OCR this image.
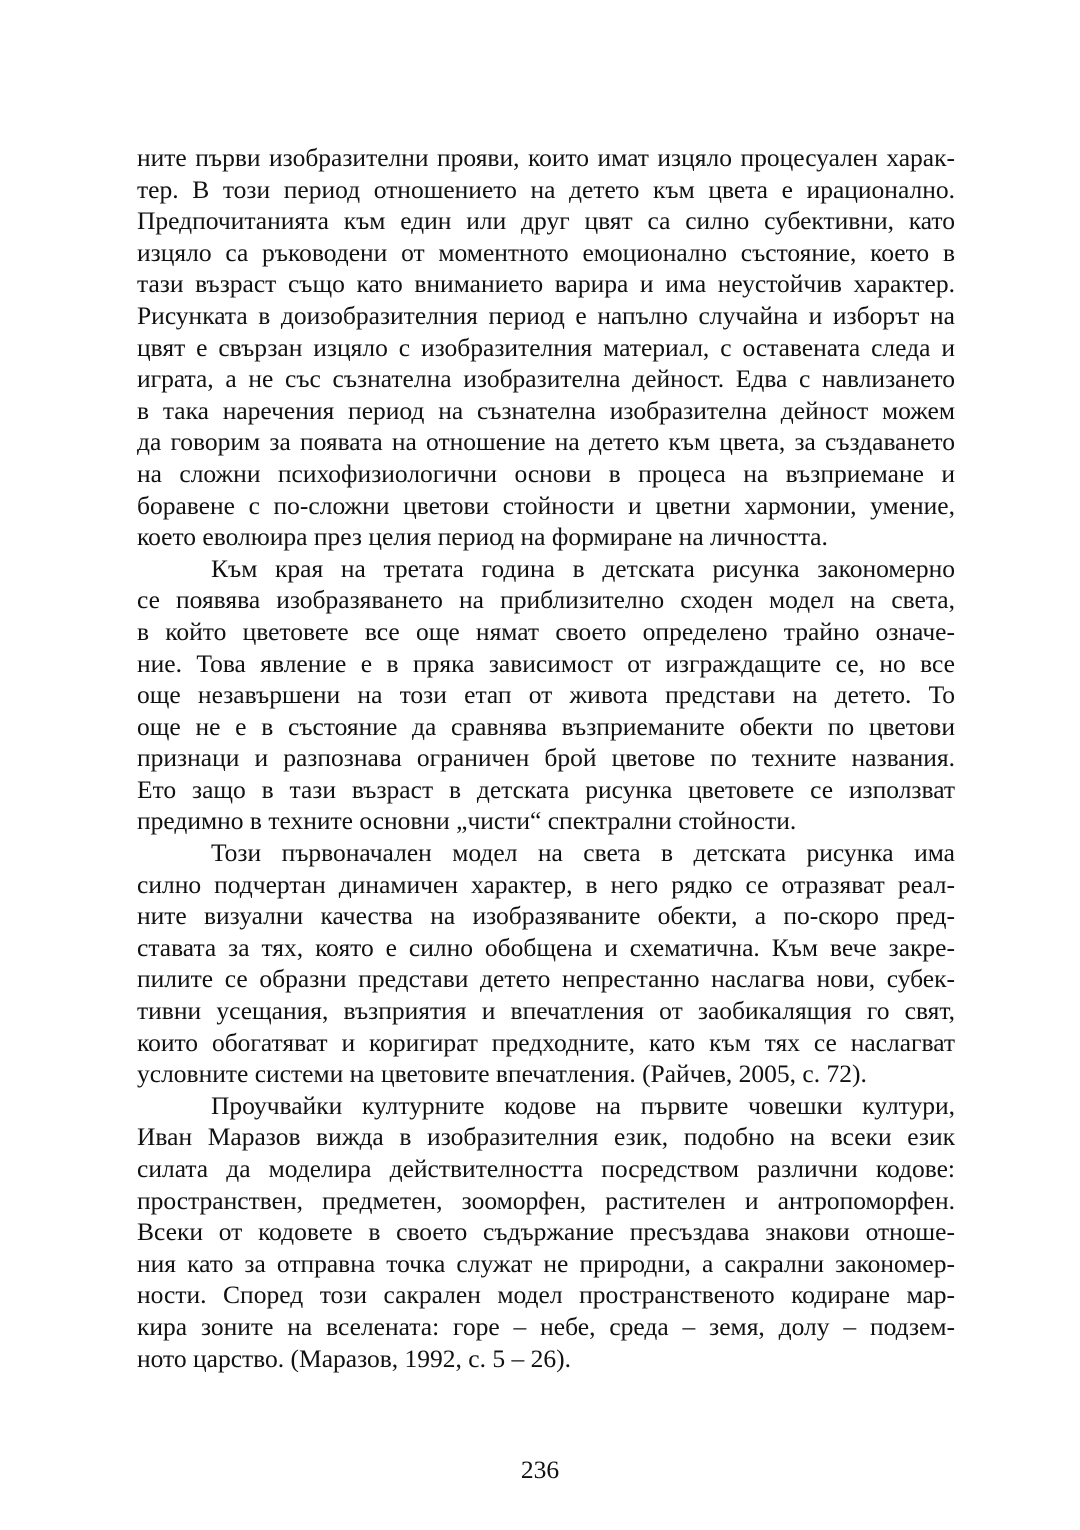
ните първи изобразителни прояви, които имат изцяло процесуален харак-
тер. В този период отношението на детето към цвета е ирационално.
Предпочитанията към един или друг цвят са силно субективни, като
изцяло са ръководени от моментното емоционално състояние, което в
тази възраст също като вниманието варира и има неустойчив характер.
Рисунката в доизобразителния период е напълно случайна и изборът на
цвят е свързан изцяло с изобразителния материал, с оставената следа и
играта, а не със съзнателна изобразителна дейност. Едва с навлизането
в така наречения период на съзнателна изобразителна дейност можем
да говорим за появата на отношение на детето към цвета, за създаването
на сложни психофизиологични основи в процеса на възприемане и
боравене с по-сложни цветови стойности и цветни хармонии, умение,
което еволюира през целия период на формиране на личността.

Към края на третата година в детската рисунка закономерно
се появява изобразяването на приблизително сходен модел на света,
в който цветовете все още нямат своето определено трайно означе-
ние. Това явление е в пряка зависимост от изграждащите се, но все
още незавършени на този етап от живота представи на детето. То
още не е в състояние да сравнява възприеманите обекти по цветови
признаци и разпознава ограничен брой цветове по техните названия.
Ето защо в тази възраст в детската рисунка цветовете се използват
предимно в техните основни „чисти“ спектрални стойности.

Този първоначален модел на света в детската рисунка има
силно подчертан динамичен характер, в него рядко се отразяват реал-
ните визуални качества на изобразяваните обекти, а по-скоро пред-
ставата за тях, която е силно обобщена и схематична. Към вече закре-
пилите се образни представи детето непрестанно наслагва нови, субек-
тивни усещания, възприятия и впечатления от заобикалящия го свят,
които обогатяват и коригират предходните, като към тях се наслагват
условните системи на цветовите впечатления. (Райчев, 2005, с. 72).

Проучвайки културните кодове на първите човешки култури,
Иван Маразов вижда в изобразителния език, подобно на всеки език
силата да моделира действителността посредством различни кодове:
пространствен, предметен, зооморфен, растителен и антропоморфен.
Всеки от кодовете в своето съдържание пресъздава знакови отноше-
ния като за отправна точка служат не природни, а сакрални закономер-
ности. Според този сакрален модел пространственото кодиране мар-
кира зоните на вселената: горе – небе, среда – земя, долу – подзем-
ното царство. (Маразов, 1992, с. 5 – 26).

236
